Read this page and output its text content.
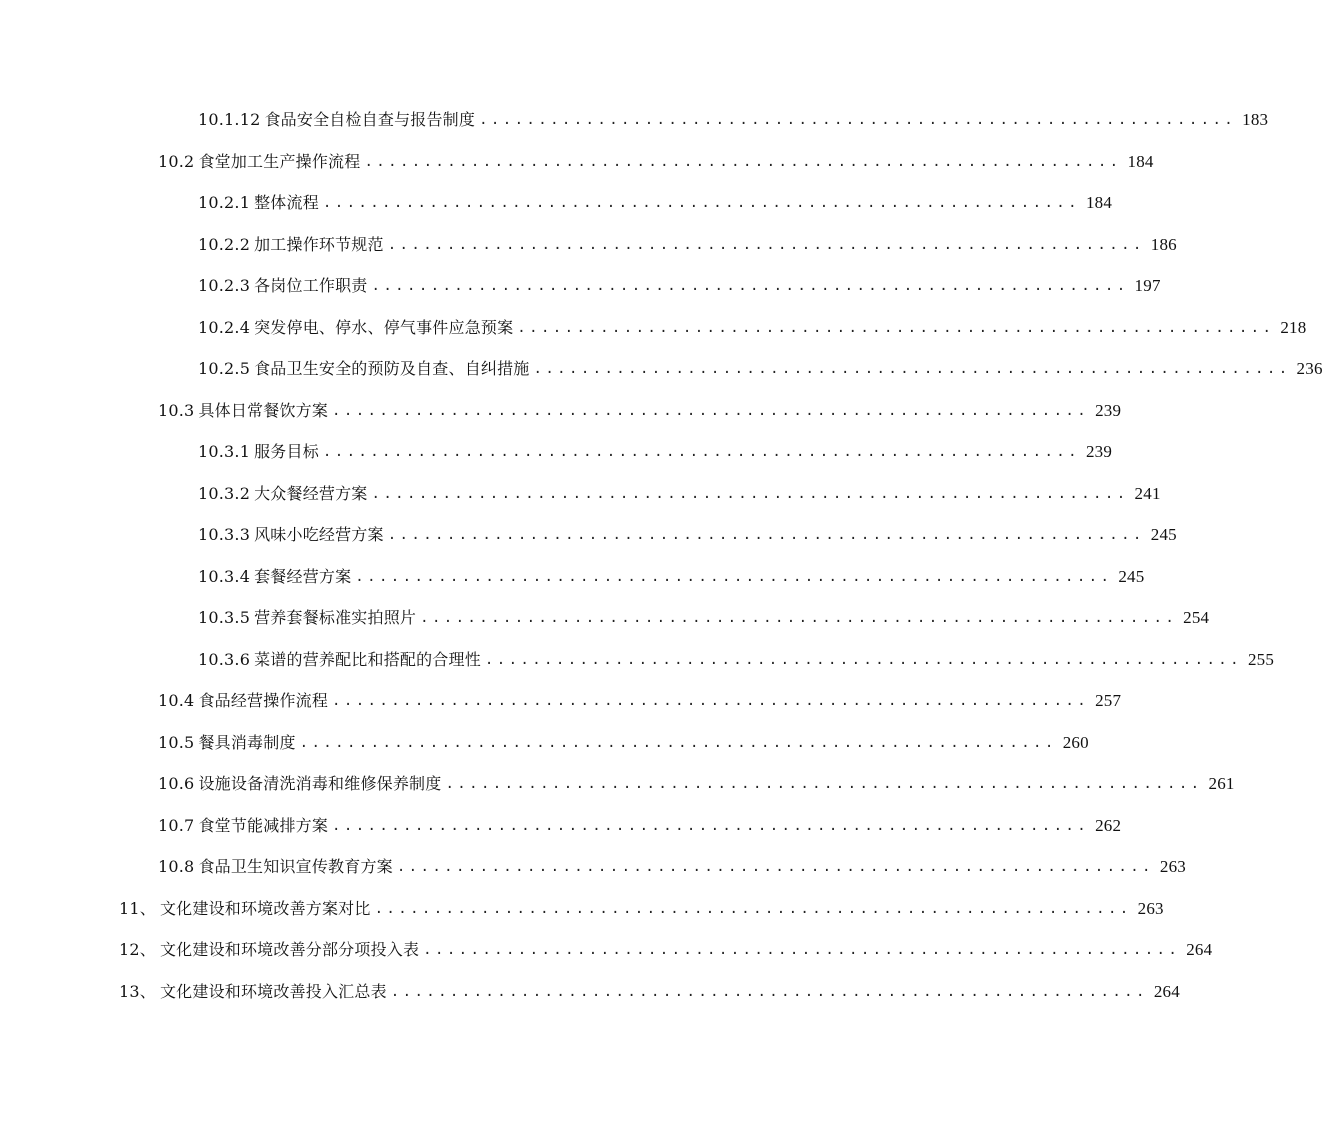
10.1.12 食品安全自检自查与报告制度 ................................................................ 183
10.2 食堂加工生产操作流程 ................................................................ 184
10.2.1 整体流程 ................................................................ 184
10.2.2 加工操作环节规范 ................................................................ 186
10.2.3 各岗位工作职责 ................................................................ 197
10.2.4 突发停电、停水、停气事件应急预案 ................................................................ 218
10.2.5 食品卫生安全的预防及自查、自纠措施 ................................................................ 236
10.3 具体日常餐饮方案 ................................................................ 239
10.3.1 服务目标 ................................................................ 239
10.3.2 大众餐经营方案 ................................................................ 241
10.3.3 风味小吃经营方案 ................................................................ 245
10.3.4 套餐经营方案 ................................................................ 245
10.3.5 营养套餐标准实拍照片 ................................................................ 254
10.3.6 菜谱的营养配比和搭配的合理性 ................................................................ 255
10.4 食品经营操作流程 ................................................................ 257
10.5 餐具消毒制度 ................................................................ 260
10.6 设施设备清洗消毒和维修保养制度 ................................................................ 261
10.7 食堂节能减排方案 ................................................................ 262
10.8 食品卫生知识宣传教育方案 ................................................................ 263
11、 文化建设和环境改善方案对比 ................................................................ 263
12、 文化建设和环境改善分部分项投入表 ................................................................ 264
13、 文化建设和环境改善投入汇总表 ................................................................ 264
